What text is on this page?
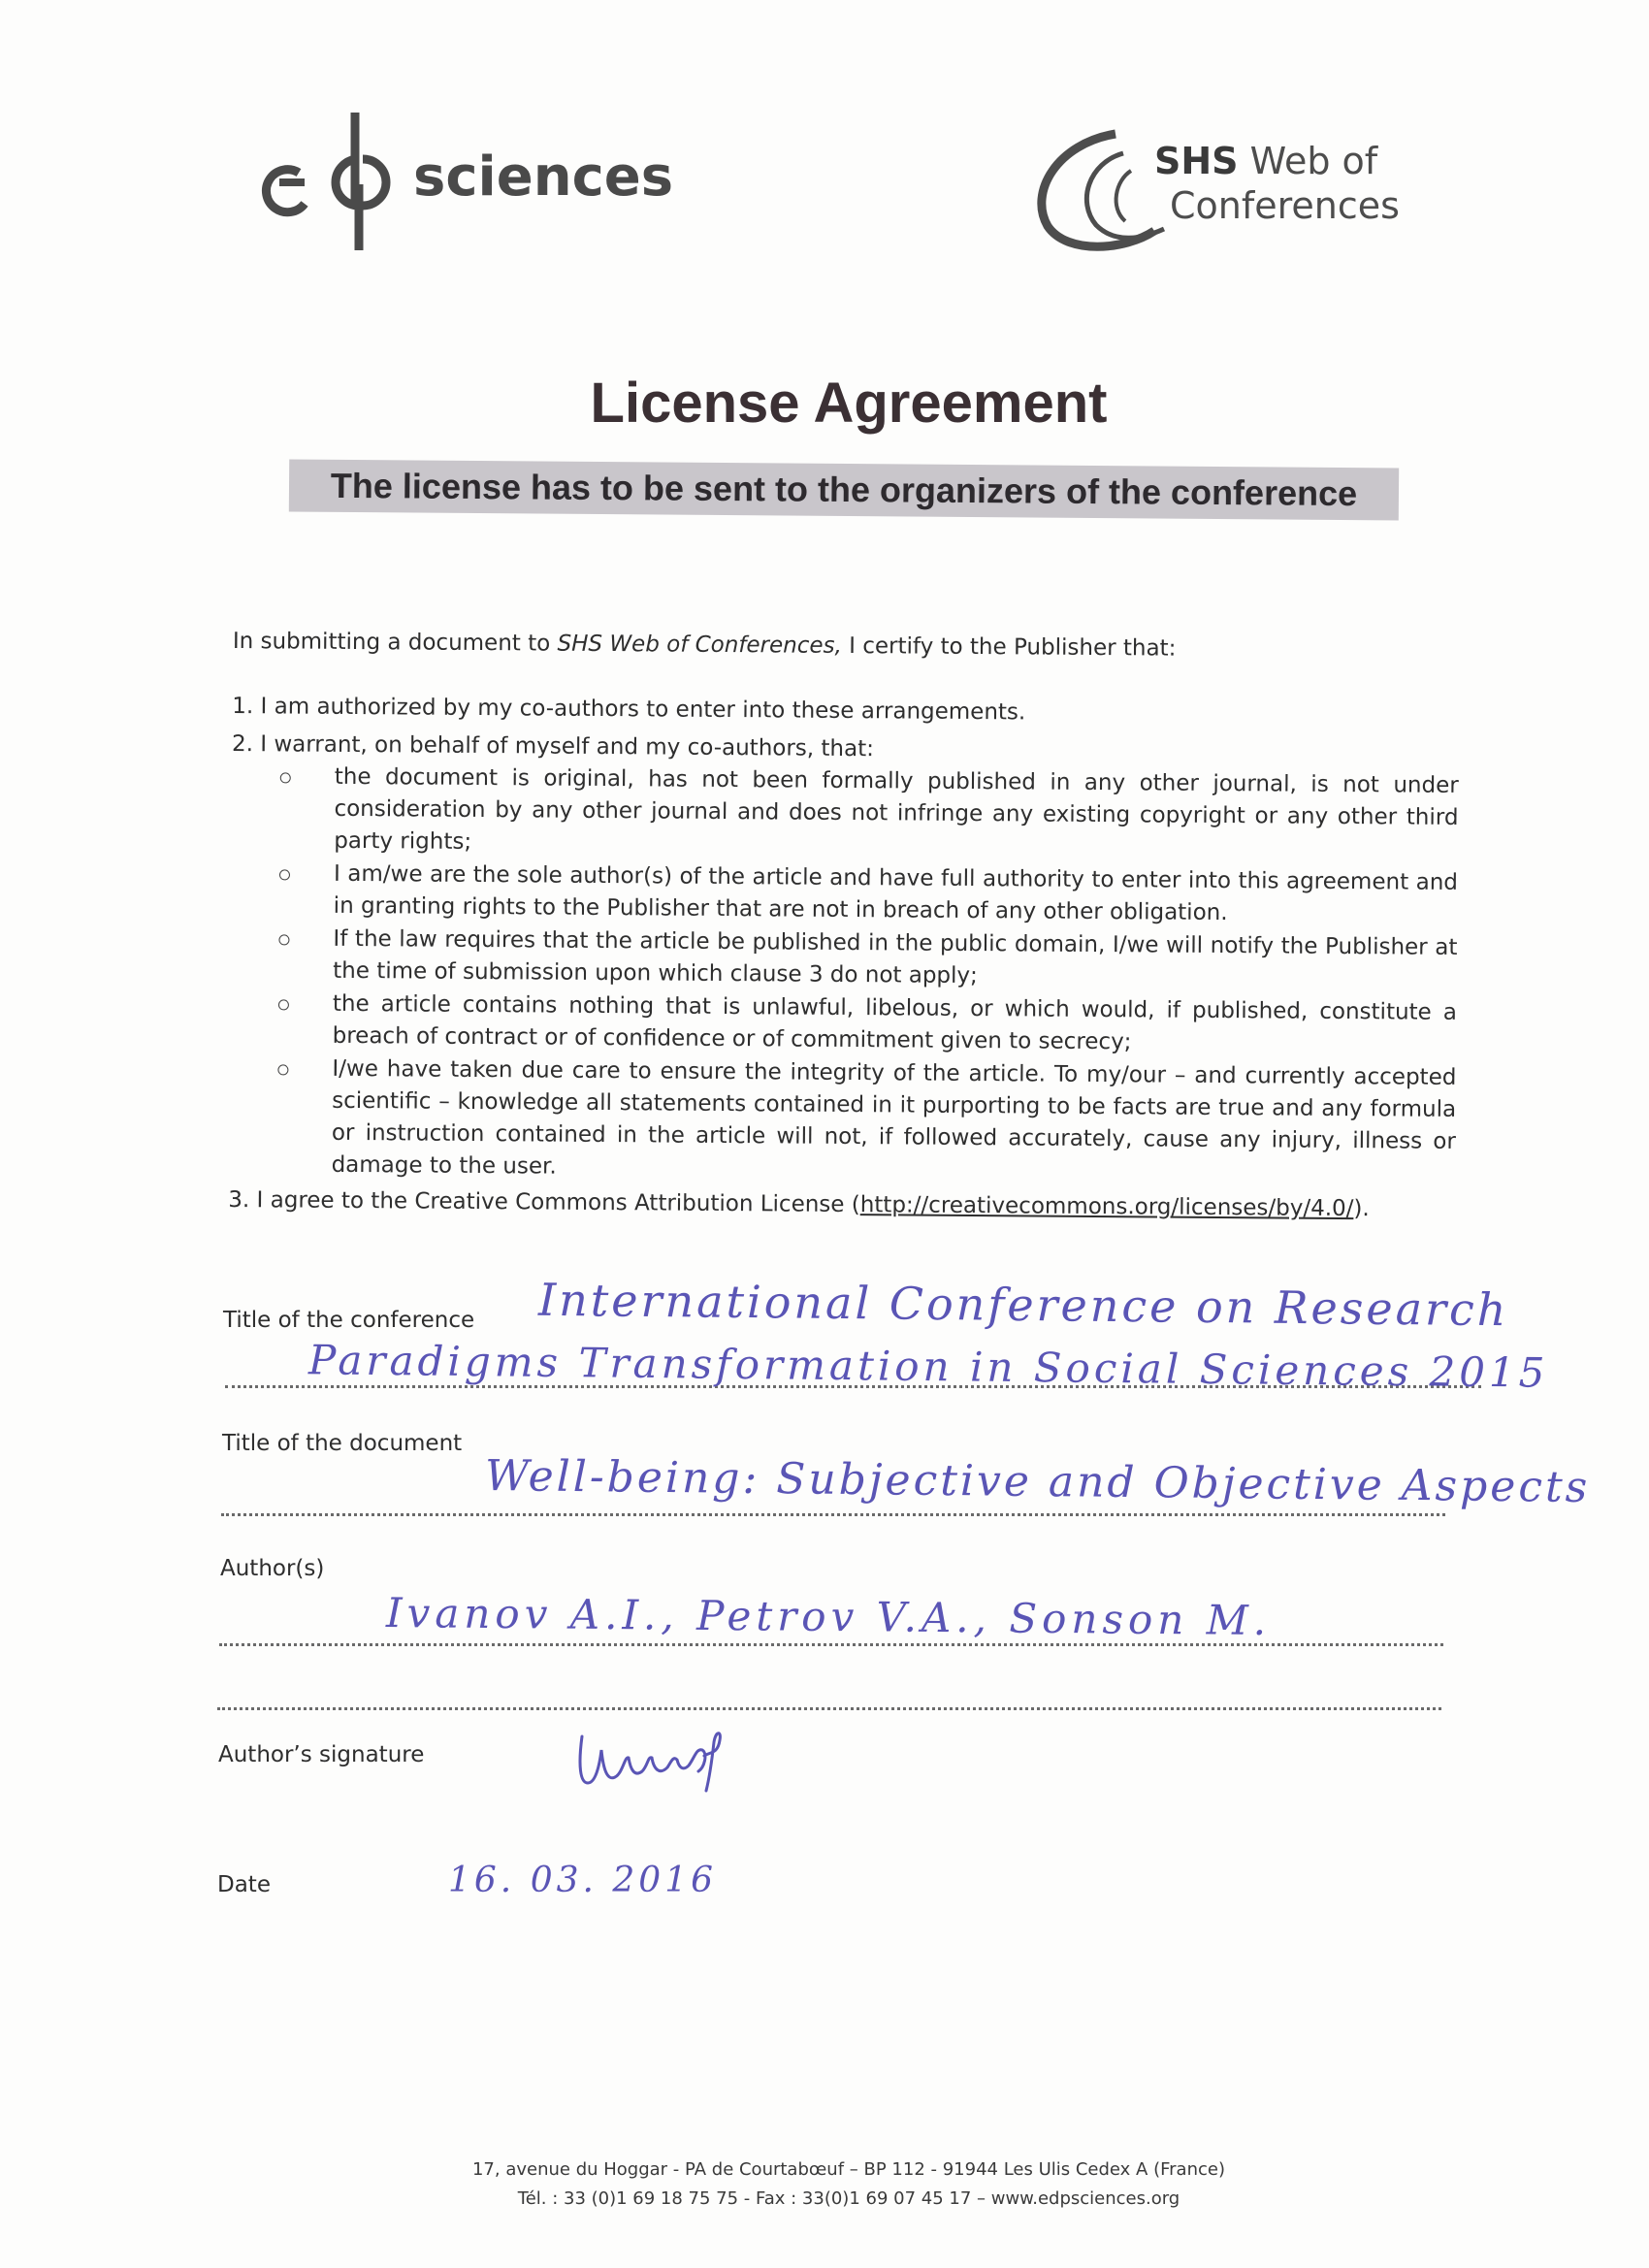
sciences	SHS Web of
Conferences
License Agreement
The license has to be sent to the organizers of the conference

In submitting a document to SHS Web of Conferences, I certify to the Publisher that:

1. I am authorized by my co-authors to enter into these arrangements.

2. I warrant, on behalf of myself and my co-authors, that:

the document is original, has not been formally published in any other journal, is not under consideration by any other journal and does not infringe any existing copyright or any other third party rights;
I am/we are the sole author(s) of the article and have full authority to enter into this agreement and in granting rights to the Publisher that are not in breach of any other obligation.
If the law requires that the article be published in the public domain, I/we will notify the Publisher at the time of submission upon which clause 3 do not apply;
the article contains nothing that is unlawful, libelous, or which would, if published, constitute a breach of contract or of confidence or of commitment given to secrecy;
I/we have taken due care to ensure the integrity of the article. To my/our – and currently accepted scientific – knowledge all statements contained in it purporting to be facts are true and any formula or instruction contained in the article will not, if followed accurately, cause any injury, illness or damage to the user.

3. I agree to the Creative Commons Attribution License (http://creativecommons.org/licenses/by/4.0/).

Title of the conference International Conference on Research
Paradigms Transformation in Social Sciences 2015
Title of the document
Well-being: Subjective and Objective Aspects
Author(s)
Ivanov A.I., Petrov V.A., Sonson M.
Author’s signature
Date	16. 03. 2016
17, avenue du Hoggar - PA de Courtabœuf – BP 112 - 91944 Les Ulis Cedex A (France)
Tél. : 33 (0)1 69 18 75 75 - Fax : 33(0)1 69 07 45 17 – www.edpsciences.org
